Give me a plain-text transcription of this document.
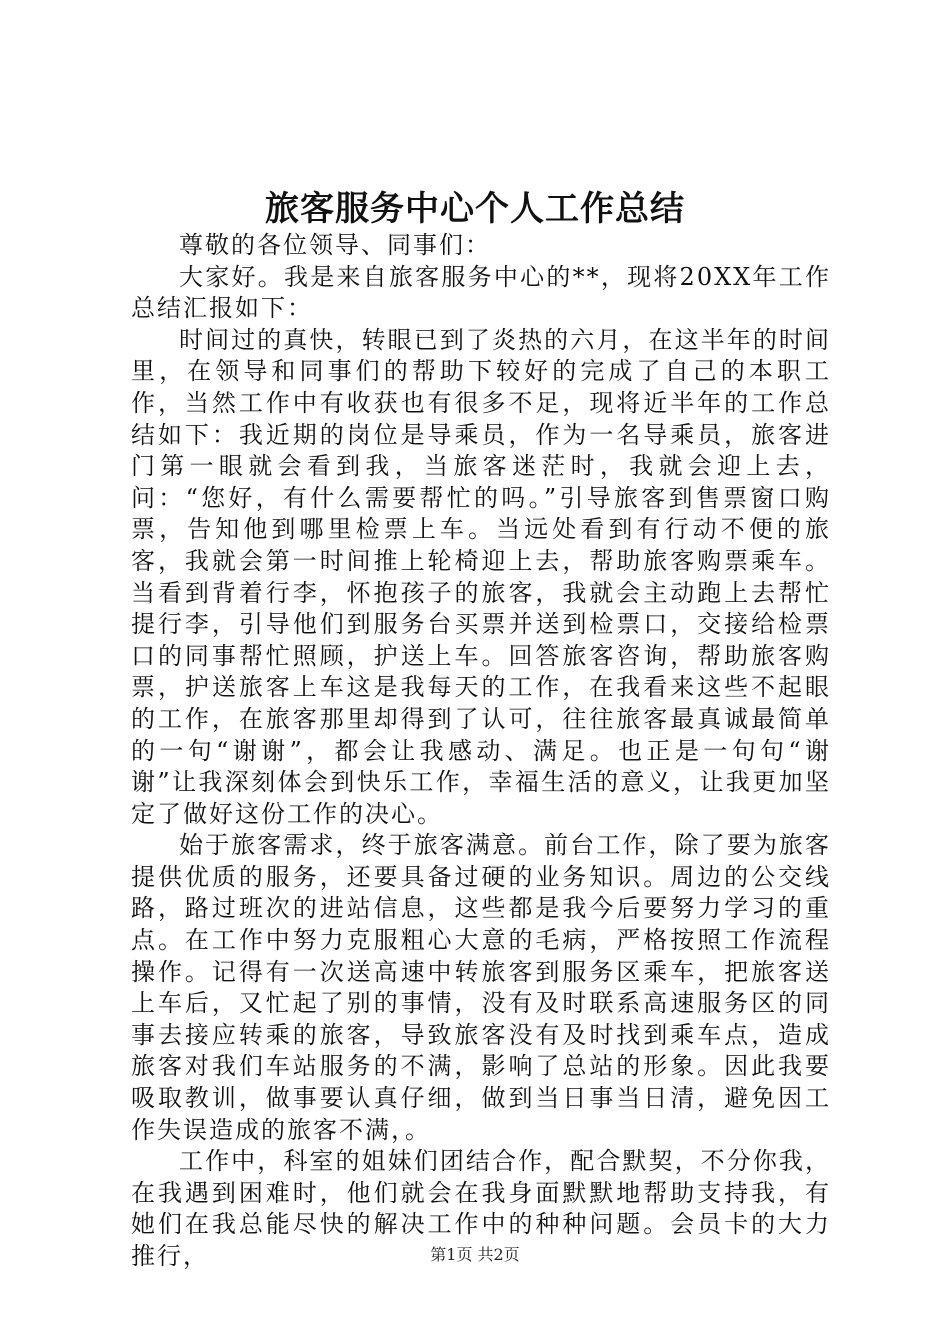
旅客服务中心个人工作总结

尊敬的各位领导、同事们：

大家好。我是来自旅客服务中心的**，现将20XX年工作总结汇报如下：

时间过的真快，转眼已到了炎热的六月，在这半年的时间里，在领导和同事们的帮助下较好的完成了自己的本职工作，当然工作中有收获也有很多不足，现将近半年的工作总结如下：我近期的岗位是导乘员，作为一名导乘员，旅客进门第一眼就会看到我，当旅客迷茫时，我就会迎上去，问：“您好，有什么需要帮忙的吗。”引导旅客到售票窗口购票，告知他到哪里检票上车。当远处看到有行动不便的旅客，我就会第一时间推上轮椅迎上去，帮助旅客购票乘车。当看到背着行李，怀抱孩子的旅客，我就会主动跑上去帮忙提行李，引导他们到服务台买票并送到检票口，交接给检票口的同事帮忙照顾，护送上车。回答旅客咨询，帮助旅客购票，护送旅客上车这是我每天的工作，在我看来这些不起眼的工作，在旅客那里却得到了认可，往往旅客最真诚最简单的一句“谢谢”，都会让我感动、满足。也正是一句句“谢谢”让我深刻体会到快乐工作，幸福生活的意义，让我更加坚定了做好这份工作的决心。

始于旅客需求，终于旅客满意。前台工作，除了要为旅客提供优质的服务，还要具备过硬的业务知识。周边的公交线路，路过班次的进站信息，这些都是我今后要努力学习的重点。在工作中努力克服粗心大意的毛病，严格按照工作流程操作。记得有一次送高速中转旅客到服务区乘车，把旅客送上车后，又忙起了别的事情，没有及时联系高速服务区的同事去接应转乘的旅客，导致旅客没有及时找到乘车点，造成旅客对我们车站服务的不满，影响了总站的形象。因此我要吸取教训，做事要认真仔细，做到当日事当日清，避免因工作失误造成的旅客不满，。

工作中，科室的姐妹们团结合作，配合默契，不分你我，在我遇到困难时，他们就会在我身面默默地帮助支持我，有她们在我总能尽快的解决工作中的种种问题。会员卡的大力推行，	第1页 共2页
